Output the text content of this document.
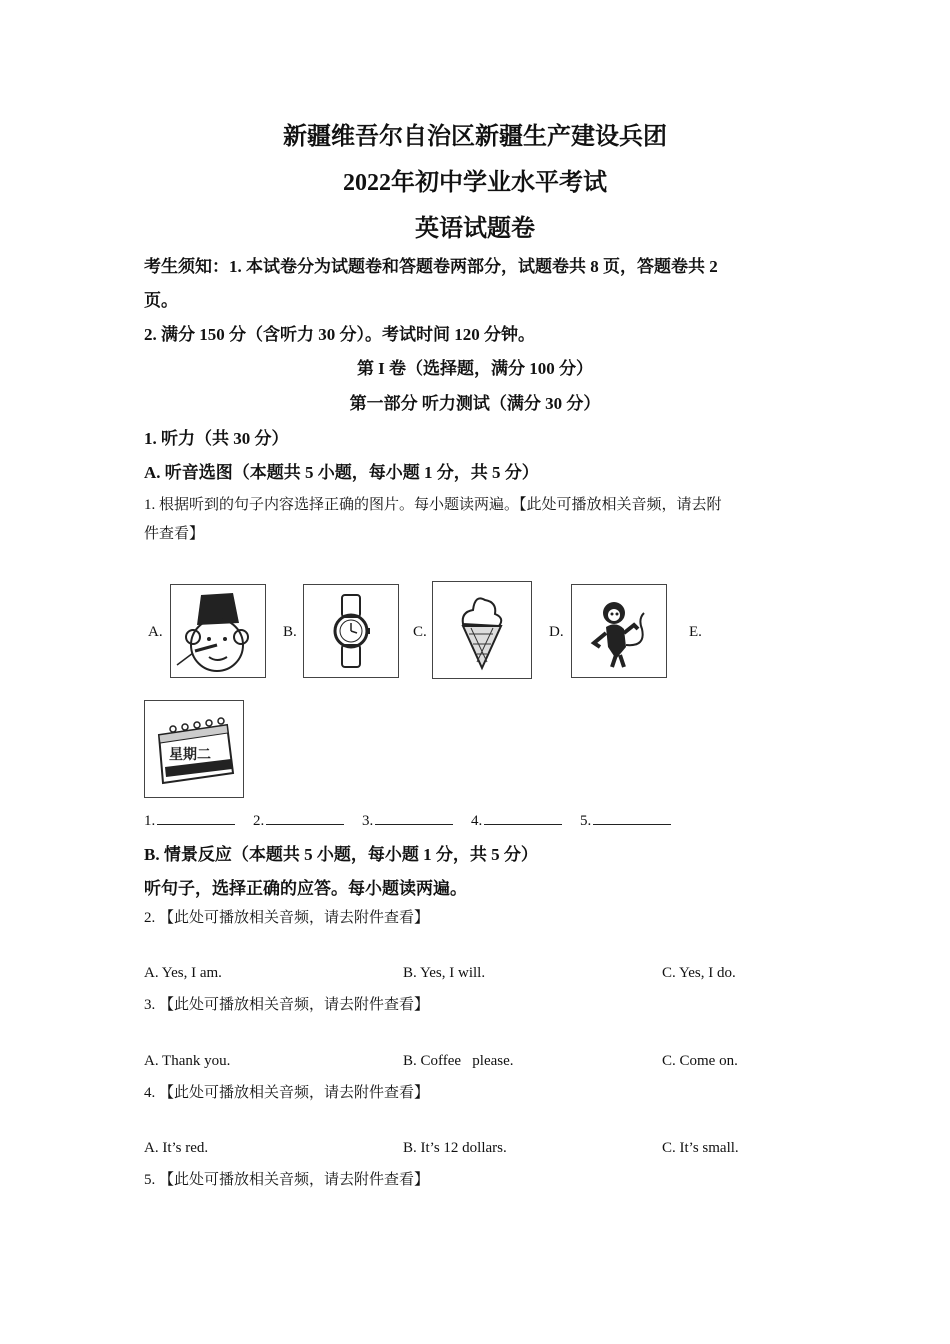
新疆维吾尔自治区新疆生产建设兵团
2022年初中学业水平考试
英语试题卷
考生须知：1. 本试卷分为试题卷和答题卷两部分，试题卷共 8 页，答题卷共 2
页。
2. 满分 150 分（含听力 30 分）。考试时间 120 分钟。
第 I 卷（选择题，满分 100 分）
第一部分 听力测试（满分 30 分）
1. 听力（共 30 分）
A. 听音选图（本题共 5 小题，每小题 1 分，共 5 分）
1. 根据听到的句子内容选择正确的图片。每小题读两遍。【此处可播放相关音频，请去附
件查看】
A.	B.	C.	D.	E.
星期二
1.	2.	3.	4.	5.
B. 情景反应（本题共 5 小题，每小题 1 分，共 5 分）
听句子，选择正确的应答。每小题读两遍。
2. 【此处可播放相关音频，请去附件查看】
A. Yes, I am.	B. Yes, I will.	C. Yes, I do.
3. 【此处可播放相关音频，请去附件查看】
A. Thank you.	B. Coffee   please.	C. Come on.
4. 【此处可播放相关音频，请去附件查看】
A. It’s red.	B. It’s 12 dollars.	C. It’s small.
5. 【此处可播放相关音频，请去附件查看】
